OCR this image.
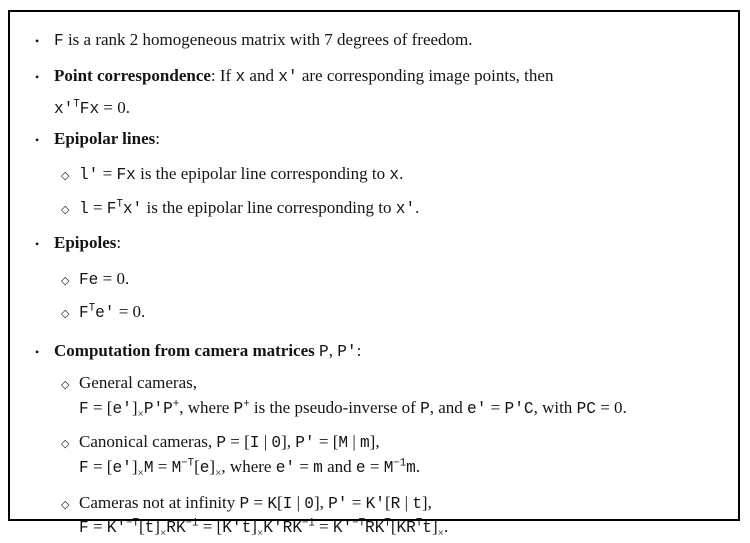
• F is a rank 2 homogeneous matrix with 7 degrees of freedom.
• Point correspondence: If x and x′ are corresponding image points, then
$x'^TFx = 0$.
• Epipolar lines:
◇ l′ = Fx is the epipolar line corresponding to x.
◇ $l = F^Tx'$ is the epipolar line corresponding to x′.
• Epipoles:
◇ Fe = 0.
◇ $F^Te' = 0$.
• Computation from camera matrices P, P′:
◇ General cameras,
$F = [e']_\times P'P^+$, where P+ is the pseudo-inverse of P, and e′ = P′C, with PC = 0.
◇ Canonical cameras, P = [I | 0], P′ = [M | m],
$F = [e']_\times M = M^{-T}[e]_\times$, where e′ = m and $e = M^{-1}m$.
◇ Cameras not at infinity P = K[I | 0], P′ = K′[R | t],
$F = K'^{-T}[t]_\times RK^{-1} = [K't]_\times K'RK^{-1} = K'^{-T}RK^T[KR^Tt]_\times$.
